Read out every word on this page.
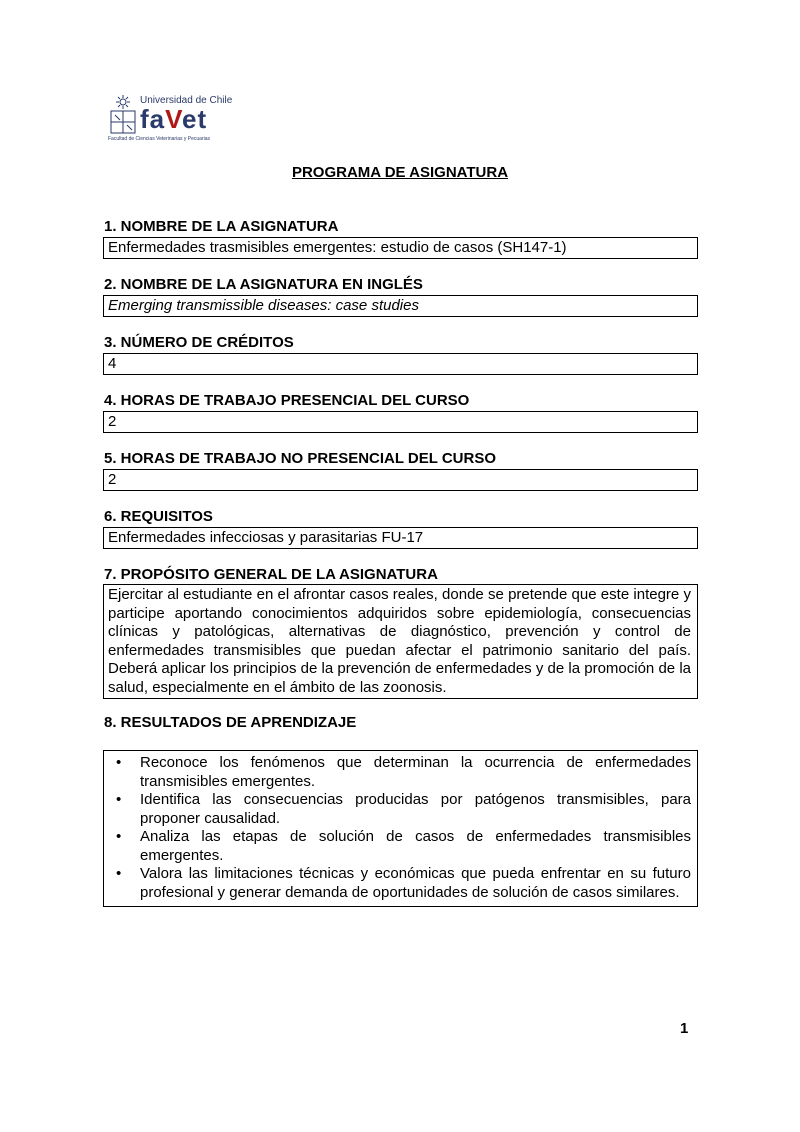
Universidad de Chile
faVet
Facultad de Ciencias Veterinarias y Pecuarias
PROGRAMA DE ASIGNATURA
1. NOMBRE DE LA ASIGNATURA
Enfermedades trasmisibles emergentes: estudio de casos (SH147-1)
2. NOMBRE DE LA ASIGNATURA EN INGLÉS
Emerging transmissible diseases: case studies
3. NÚMERO DE CRÉDITOS
4
4. HORAS DE TRABAJO PRESENCIAL DEL CURSO
2
5. HORAS DE TRABAJO NO PRESENCIAL DEL CURSO
2
6. REQUISITOS
Enfermedades infecciosas y parasitarias FU-17
7. PROPÓSITO GENERAL DE LA ASIGNATURA
Ejercitar al estudiante en el afrontar casos reales, donde se pretende que este integre y participe aportando conocimientos adquiridos sobre epidemiología, consecuencias clínicas y patológicas, alternativas de diagnóstico, prevención y control de enfermedades transmisibles que puedan afectar el patrimonio sanitario del país. Deberá aplicar los principios de la prevención de enfermedades y de la promoción de la salud, especialmente en el ámbito de las zoonosis.
8. RESULTADOS DE APRENDIZAJE
• Reconoce los fenómenos que determinan la ocurrencia de enfermedades transmisibles emergentes.
• Identifica las consecuencias producidas por patógenos transmisibles, para proponer causalidad.
• Analiza las etapas de solución de casos de enfermedades transmisibles emergentes.
• Valora las limitaciones técnicas y económicas que pueda enfrentar en su futuro profesional y generar demanda de oportunidades de solución de casos similares.
1
